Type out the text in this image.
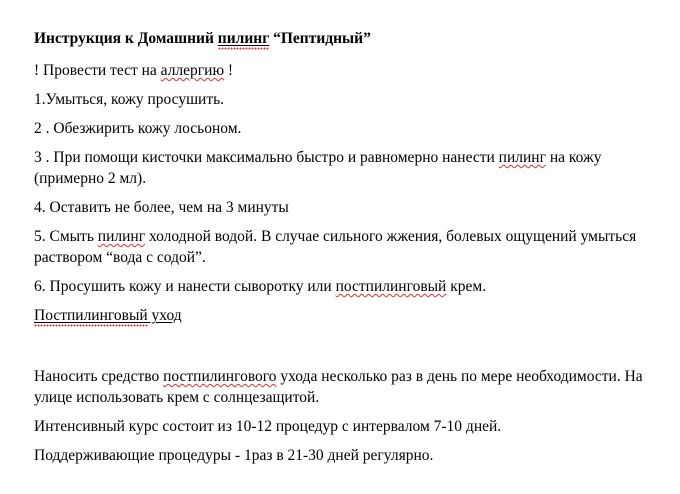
Инструкция к Домашний пилинг “Пептидный”
! Провести тест на аллергию !
1.Умыться, кожу просушить.
2 . Обезжирить кожу лосьоном.
3 . При помощи кисточки максимально быстро и равномерно нанести пилинг на кожу
(примерно 2 мл).
4. Оставить не более, чем на 3 минуты
5. Смыть пилинг холодной водой. В случае сильного жжения, болевых ощущений умыться
раствором “вода с содой”.
6. Просушить кожу и нанести сыворотку или постпилинговый крем.
Постпилинговый уход
Наносить средство постпилингового ухода несколько раз в день по мере необходимости. На
улице использовать крем с солнцезащитой.
Интенсивный курс состоит из 10-12 процедур с интервалом 7-10 дней.
Поддерживающие процедуры - 1раз в 21-30 дней регулярно.
